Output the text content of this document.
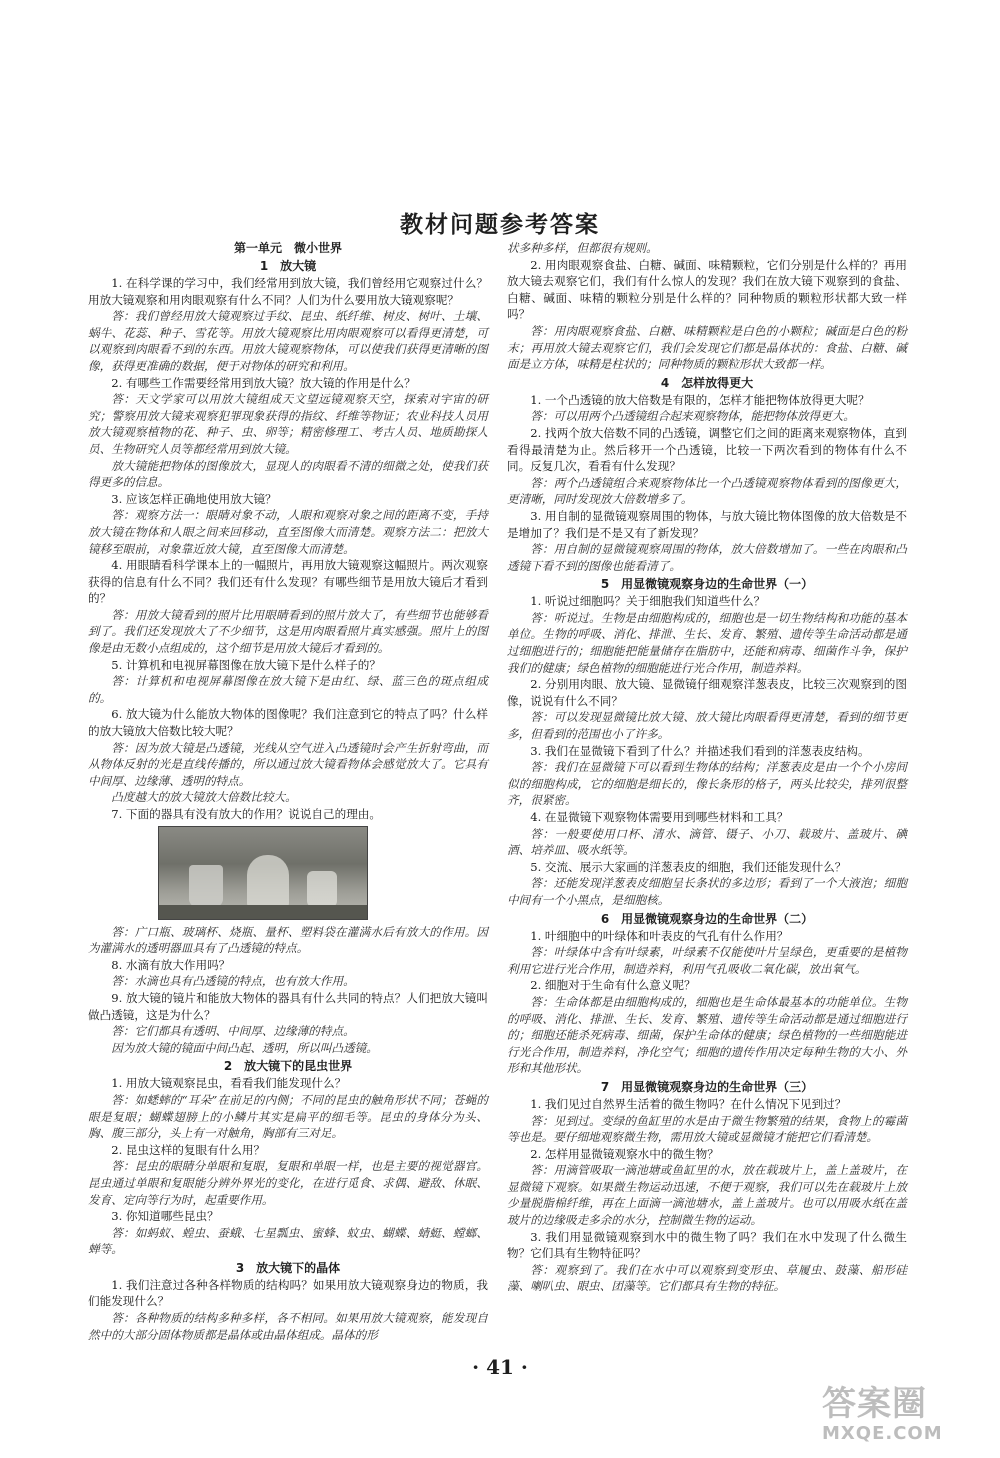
教材问题参考答案
第一单元　微小世界
1　放大镜

1. 在科学课的学习中，我们经常用到放大镜，我们曾经用它观察过什么？用放大镜观察和用肉眼观察有什么不同？人们为什么要用放大镜观察呢？

答：我们曾经用放大镜观察过手纹、昆虫、纸纤维、树皮、树叶、土壤、蜗牛、花蕊、种子、雪花等。用放大镜观察比用肉眼观察可以看得更清楚，可以观察到肉眼看不到的东西。用放大镜观察物体，可以使我们获得更清晰的图像，获得更准确的数据，便于对物体的研究和利用。

2. 有哪些工作需要经常用到放大镜？放大镜的作用是什么？

答：天文学家可以用放大镜组成天文望远镜观察天空，探索对宇宙的研究；警察用放大镜来观察犯罪现象获得的指纹、纤维等物证；农业科技人员用放大镜观察植物的花、种子、虫、卵等；精密修理工、考古人员、地质勘探人员、生物研究人员等都经常用到放大镜。

放大镜能把物体的图像放大，显现人的肉眼看不清的细微之处，使我们获得更多的信息。

3. 应该怎样正确地使用放大镜？

答：观察方法一：眼睛对象不动，人眼和观察对象之间的距离不变，手持放大镜在物体和人眼之间来回移动，直至图像大而清楚。观察方法二：把放大镜移至眼前，对象靠近放大镜，直至图像大而清楚。

4. 用眼睛看科学课本上的一幅照片，再用放大镜观察这幅照片。两次观察获得的信息有什么不同？我们还有什么发现？有哪些细节是用放大镜后才看到的？

答：用放大镜看到的照片比用眼睛看到的照片放大了，有些细节也能够看到了。我们还发现放大了不少细节，这是用肉眼看照片真实感强。照片上的图像是由无数小点组成的，这个细节是用放大镜后才看到的。

5. 计算机和电视屏幕图像在放大镜下是什么样子的？

答：计算机和电视屏幕图像在放大镜下是由红、绿、蓝三色的斑点组成的。

6. 放大镜为什么能放大物体的图像呢？我们注意到它的特点了吗？什么样的放大镜放大倍数比较大呢？

答：因为放大镜是凸透镜，光线从空气进入凸透镜时会产生折射弯曲，而从物体反射的光是直线传播的，所以通过放大镜看物体会感觉放大了。它具有中间厚、边缘薄、透明的特点。

凸度越大的放大镜放大倍数比较大。

7. 下面的器具有没有放大的作用？说说自己的理由。

答：广口瓶、玻璃杯、烧瓶、量杯、塑料袋在灌满水后有放大的作用。因为灌满水的透明器皿具有了凸透镜的特点。

8. 水滴有放大作用吗？

答：水滴也具有凸透镜的特点，也有放大作用。

9. 放大镜的镜片和能放大物体的器具有什么共同的特点？人们把放大镜叫做凸透镜，这是为什么？

答：它们都具有透明、中间厚、边缘薄的特点。

因为放大镜的镜面中间凸起、透明，所以叫凸透镜。

2　放大镜下的昆虫世界

1. 用放大镜观察昆虫，看看我们能发现什么？

答：如蟋蟀的“耳朵”在前足的内侧；不同的昆虫的触角形状不同；苍蝇的眼是复眼；蝴蝶翅膀上的小鳞片其实是扁平的细毛等。昆虫的身体分为头、胸、腹三部分，头上有一对触角，胸部有三对足。

2. 昆虫这样的复眼有什么用？

答：昆虫的眼睛分单眼和复眼，复眼和单眼一样，也是主要的视觉器官。昆虫通过单眼和复眼能分辨外界光的变化，在进行觅食、求偶、避敌、休眠、发育、定向等行为时，起重要作用。

3. 你知道哪些昆虫？

答：如蚂蚁、蝗虫、蚕蛾、七星瓢虫、蜜蜂、蚊虫、蝴蝶、蜻蜓、螳螂、蝉等。

3　放大镜下的晶体

1. 我们注意过各种各样物质的结构吗？如果用放大镜观察身边的物质，我们能发现什么？

答：各种物质的结构多种多样，各不相同。如果用放大镜观察，能发现自然中的大部分固体物质都是晶体或由晶体组成。晶体的形

状多种多样，但都很有规则。

2. 用肉眼观察食盐、白糖、碱面、味精颗粒，它们分别是什么样的？再用放大镜去观察它们，我们有什么惊人的发现？我们在放大镜下观察到的食盐、白糖、碱面、味精的颗粒分别是什么样的？同种物质的颗粒形状都大致一样吗？

答：用肉眼观察食盐、白糖、味精颗粒是白色的小颗粒；碱面是白色的粉末；再用放大镜去观察它们，我们会发现它们都是晶体状的：食盐、白糖、碱面是立方体，味精是柱状的；同种物质的颗粒形状大致都一样。

4　怎样放得更大

1. 一个凸透镜的放大倍数是有限的，怎样才能把物体放得更大呢？

答：可以用两个凸透镜组合起来观察物体，能把物体放得更大。

2. 找两个放大倍数不同的凸透镜，调整它们之间的距离来观察物体，直到看得最清楚为止。然后移开一个凸透镜，比较一下两次看到的物体有什么不同。反复几次，看看有什么发现？

答：两个凸透镜组合来观察物体比一个凸透镜观察物体看到的图像更大，更清晰，同时发现放大倍数增多了。

3. 用自制的显微镜观察周围的物体，与放大镜比物体图像的放大倍数是不是增加了？我们是不是又有了新发现？

答：用自制的显微镜观察周围的物体，放大倍数增加了。一些在肉眼和凸透镜下看不到的图像也能看清了。

5　用显微镜观察身边的生命世界（一）

1. 听说过细胞吗？关于细胞我们知道些什么？

答：听说过。生物是由细胞构成的，细胞也是一切生物结构和功能的基本单位。生物的呼吸、消化、排泄、生长、发育、繁殖、遗传等生命活动都是通过细胞进行的；细胞能把能量储存在脂肪中，还能和病毒、细菌作斗争，保护我们的健康；绿色植物的细胞能进行光合作用，制造养料。

2. 分别用肉眼、放大镜、显微镜仔细观察洋葱表皮，比较三次观察到的图像，说说有什么不同？

答：可以发现显微镜比放大镜、放大镜比肉眼看得更清楚，看到的细节更多，但看到的范围也小了许多。

3. 我们在显微镜下看到了什么？并描述我们看到的洋葱表皮结构。

答：我们在显微镜下可以看到生物体的结构；洋葱表皮是由一个个小房间似的细胞构成，它的细胞是细长的，像长条形的格子，两头比较尖，排列很整齐，很紧密。

4. 在显微镜下观察物体需要用到哪些材料和工具？

答：一般要使用口杯、清水、滴管、镊子、小刀、载玻片、盖玻片、碘酒、培养皿、吸水纸等。

5. 交流、展示大家画的洋葱表皮的细胞，我们还能发现什么？

答：还能发现洋葱表皮细胞呈长条状的多边形；看到了一个大液泡；细胞中间有一个小黑点，是细胞核。

6　用显微镜观察身边的生命世界（二）

1. 叶细胞中的叶绿体和叶表皮的气孔有什么作用？

答：叶绿体中含有叶绿素，叶绿素不仅能使叶片呈绿色，更重要的是植物利用它进行光合作用，制造养料，利用气孔吸收二氧化碳，放出氧气。

2. 细胞对于生命有什么意义呢？

答：生命体都是由细胞构成的，细胞也是生命体最基本的功能单位。生物的呼吸、消化、排泄、生长、发育、繁殖、遗传等生命活动都是通过细胞进行的；细胞还能杀死病毒、细菌，保护生命体的健康；绿色植物的一些细胞能进行光合作用，制造养料，净化空气；细胞的遗传作用决定每种生物的大小、外形和其他形状。

7　用显微镜观察身边的生命世界（三）

1. 我们见过自然界生活着的微生物吗？在什么情况下见到过？

答：见到过。变绿的鱼缸里的水是由于微生物繁殖的结果，食物上的霉菌等也是。要仔细地观察微生物，需用放大镜或显微镜才能把它们看清楚。

2. 怎样用显微镜观察水中的微生物？

答：用滴管吸取一滴池塘或鱼缸里的水，放在载玻片上，盖上盖玻片，在显微镜下观察。如果微生物运动迅速，不便于观察，我们可以先在载玻片上放少量脱脂棉纤维，再在上面滴一滴池塘水，盖上盖玻片。也可以用吸水纸在盖玻片的边缘吸走多余的水分，控制微生物的运动。

3. 我们用显微镜观察到水中的微生物了吗？我们在水中发现了什么微生物？它们具有生物特征吗？

答：观察到了。我们在水中可以观察到变形虫、草履虫、鼓藻、船形硅藻、喇叭虫、眼虫、团藻等。它们都具有生物的特征。

· 41 ·
答案圈
MXQE.COM
